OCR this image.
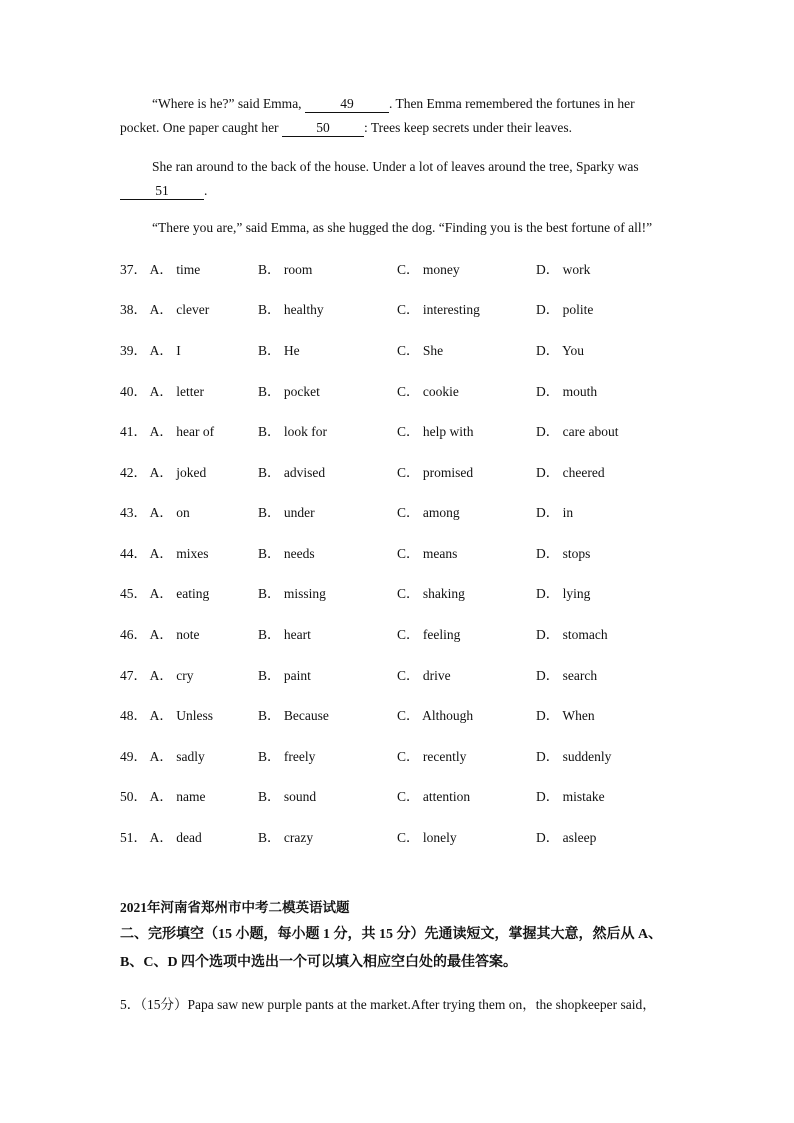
“Where is he?” said Emma,	49	. Then Emma remembered the fortunes in her
pocket. One paper caught her	50	: Trees keep secrets under their leaves.
She ran around to the back of the house. Under a lot of leaves around the tree, Sparky was
51	.
“There you are,” said Emma, as she hugged the dog. “Finding you is the best fortune of all!”
37． A． time	B． room	C． money	D． work
38． A． clever	B． healthy	C． interesting	D． polite
39． A． I	B． He	C． She	D． You
40． A． letter	B． pocket	C． cookie	D． mouth
41． A． hear of	B． look for	C． help with	D． care about
42． A． joked	B． advised	C． promised	D． cheered
43． A． on	B． under	C． among	D． in
44． A． mixes	B． needs	C． means	D． stops
45． A． eating	B． missing	C． shaking	D． lying
46． A． note	B． heart	C． feeling	D． stomach
47． A． cry	B． paint	C． drive	D． search
48． A． Unless	B． Because	C． Although	D． When
49． A． sadly	B． freely	C． recently	D． suddenly
50． A． name	B． sound	C． attention	D． mistake
51． A． dead	B． crazy	C． lonely	D． asleep
2021年河南省郑州市中考二模英语试题
二、完形填空（15 小题，每小题 1 分，共 15 分）先通读短文，掌握其大意，然后从 A、B、C、D 四个选项中选出一个可以填入相应空白处的最佳答案。
5．（15分）Papa saw new purple pants at the market.After trying them on，the shopkeeper said，
